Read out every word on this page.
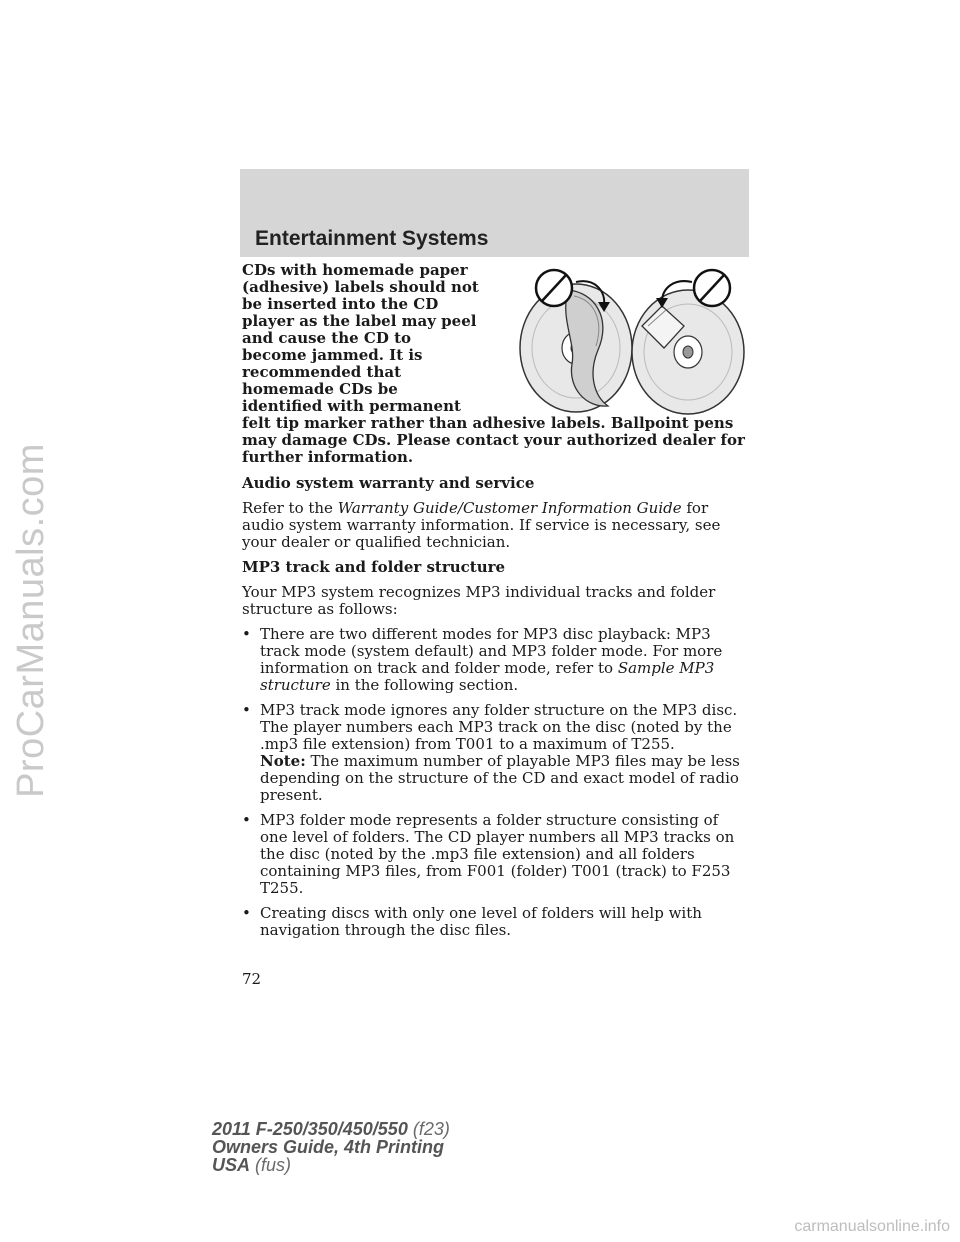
ProCarManuals.com
Entertainment Systems

CDs with homemade paper (adhesive) labels should not be inserted into the CD player as the label may peel and cause the CD to become jammed. It is recommended that homemade CDs be identified with permanent felt tip marker rather than adhesive labels. Ballpoint pens may damage CDs. Please contact your authorized dealer for further information.

Audio system warranty and service

Refer to the Warranty Guide/Customer Information Guide for audio system warranty information. If service is necessary, see your dealer or qualified technician.

MP3 track and folder structure

Your MP3 system recognizes MP3 individual tracks and folder structure as follows:

• There are two different modes for MP3 disc playback: MP3 track mode (system default) and MP3 folder mode. For more information on track and folder mode, refer to Sample MP3 structure in the following section.
• MP3 track mode ignores any folder structure on the MP3 disc. The player numbers each MP3 track on the disc (noted by the .mp3 file extension) from T001 to a maximum of T255.
Note: The maximum number of playable MP3 files may be less depending on the structure of the CD and exact model of radio present.
• MP3 folder mode represents a folder structure consisting of one level of folders. The CD player numbers all MP3 tracks on the disc (noted by the .mp3 file extension) and all folders containing MP3 files, from F001 (folder) T001 (track) to F253 T255.
• Creating discs with only one level of folders will help with navigation through the disc files.
72
2011 F-250/350/450/550 (f23)
Owners Guide, 4th Printing
USA (fus)
carmanualsonline.info
